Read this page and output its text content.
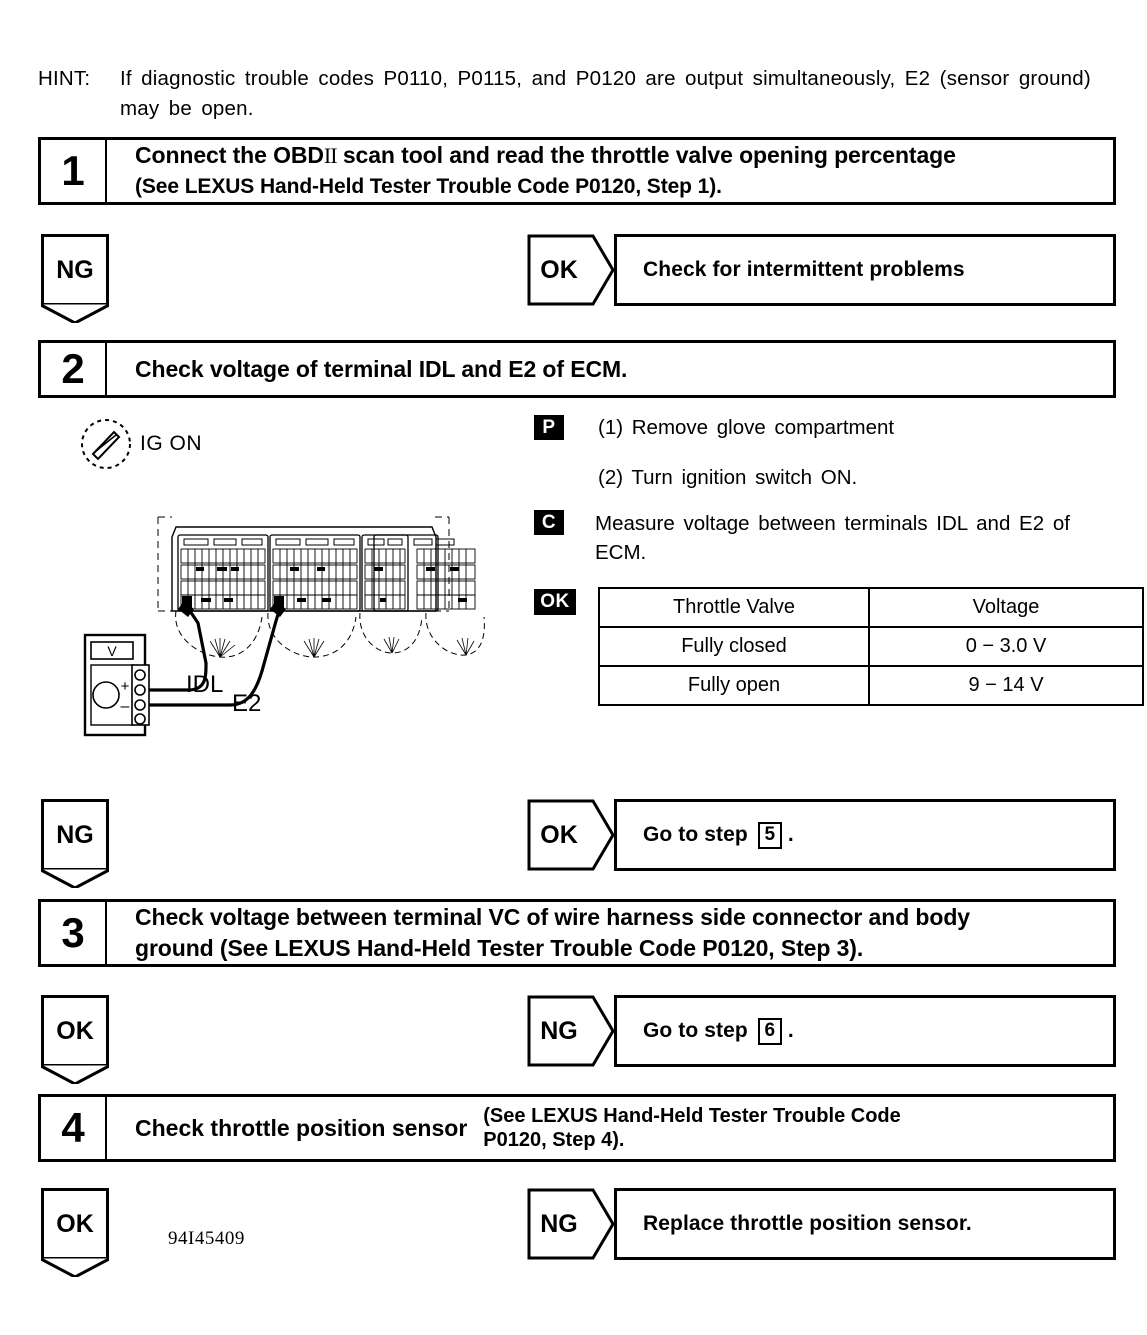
HINT: If diagnostic trouble codes P0110, P0115, and P0120 are output simultaneously, E2 (sensor ground) may be open.
1	Connect the OBDII scan tool and read the throttle valve opening percentage
(See LEXUS Hand-Held Tester Trouble Code P0120, Step 1).
NG	OK	Check for intermittent problems
2	Check voltage of terminal IDL and E2 of ECM.
IG ON
P	(1) Remove glove compartment
(2) Turn ignition switch ON.
C	Measure voltage between terminals IDL and E2 of
ECM.
OK	Throttle Valve	Voltage
Fully closed	0 − 3.0 V
Fully open	9 − 14 V
V
+
–
IDL
E2
NG	OK	Go to step 5 .
3	Check voltage between terminal VC of wire harness side connector and body
ground (See LEXUS Hand-Held Tester Trouble Code P0120, Step 3).
OK	NG	Go to step 6 .
4	Check throttle position sensor (See LEXUS Hand-Held Tester Trouble Code
P0120, Step 4).
OK	NG	Replace throttle position sensor.
94I45409
